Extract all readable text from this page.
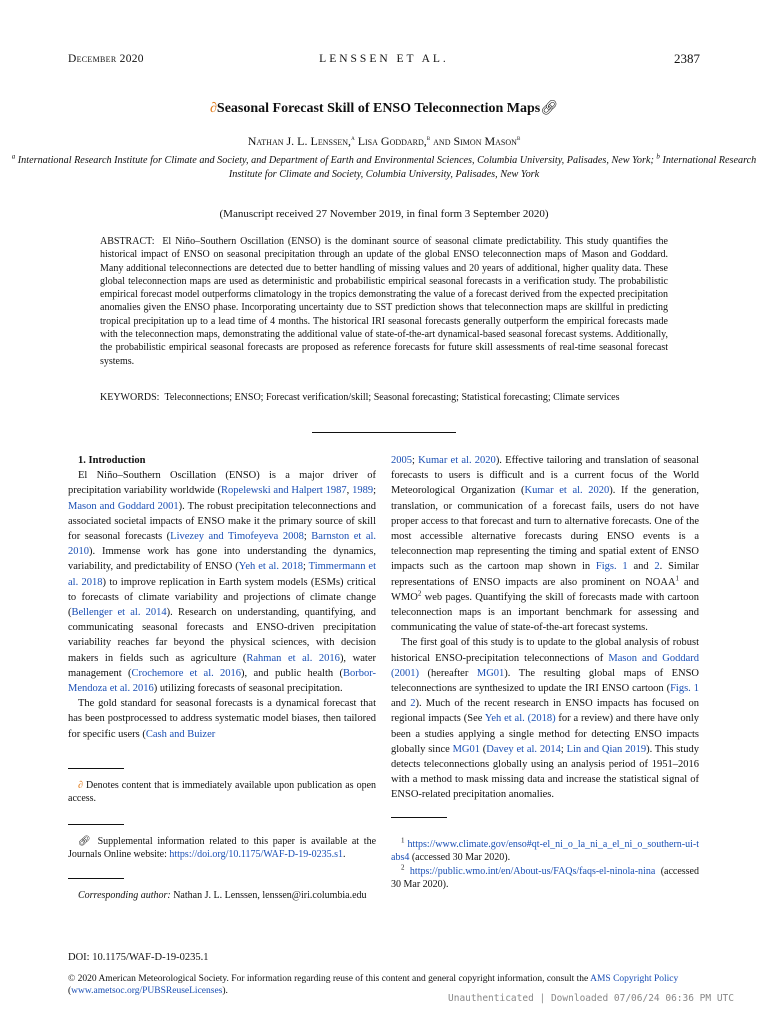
December 2020	LENSSEN ET AL.	2387
∂Seasonal Forecast Skill of ENSO Teleconnection Maps🔗︎
Nathan J. L. Lenssen,$^a$ Lisa Goddard,$^b$ and Simon Mason$^b$
$^a$ International Research Institute for Climate and Society, and Department of Earth and Environmental Sciences, Columbia University, Palisades, New York; $^b$ International Research Institute for Climate and Society, Columbia University, Palisades, New York
(Manuscript received 27 November 2019, in final form 3 September 2020)
ABSTRACT: El Niño–Southern Oscillation (ENSO) is the dominant source of seasonal climate predictability. This study quantifies the historical impact of ENSO on seasonal precipitation through an update of the global ENSO teleconnection maps of Mason and Goddard. Many additional teleconnections are detected due to better handling of missing values and 20 years of additional, higher quality data. These global teleconnection maps are used as deterministic and probabilistic empirical seasonal forecasts in a verification study. The probabilistic empirical forecast model outperforms climatology in the tropics demonstrating the value of a forecast derived from the expected precipitation anomalies given the ENSO phase. Incorporating uncertainty due to SST prediction shows that teleconnection maps are skillful in predicting tropical precipitation up to a lead time of 4 months. The historical IRI seasonal forecasts generally outperform the empirical forecasts made with the teleconnection maps, demonstrating the additional value of state-of-the-art dynamical-based seasonal forecast systems. Additionally, the probabilistic empirical seasonal forecasts are proposed as reference forecasts for future skill assessments of real-time seasonal forecast systems.
KEYWORDS: Teleconnections; ENSO; Forecast verification/skill; Seasonal forecasting; Statistical forecasting; Climate services

1. Introduction

El Niño–Southern Oscillation (ENSO) is a major driver of precipitation variability worldwide (Ropelewski and Halpert 1987, 1989; Mason and Goddard 2001). The robust precipitation teleconnections and associated societal impacts of ENSO make it the primary source of skill for seasonal forecasts (Livezey and Timofeyeva 2008; Barnston et al. 2010). Immense work has gone into understanding the dynamics, variability, and predictability of ENSO (Yeh et al. 2018; Timmermann et al. 2018) to improve replication in Earth system models (ESMs) critical to forecasts of climate variability and projections of climate change (Bellenger et al. 2014). Research on understanding, quantifying, and communicating seasonal forecasts and ENSO-driven precipitation variability reaches far beyond the physical sciences, with decision makers in fields such as agriculture (Rahman et al. 2016), water management (Crochemore et al. 2016), and public health (Borbor-Mendoza et al. 2016) utilizing forecasts of seasonal precipitation.

The gold standard for seasonal forecasts is a dynamical forecast that has been postprocessed to address systematic model biases, then tailored for specific users (Cash and Buizer

∂ Denotes content that is immediately available upon publication as open access.

🔗︎ Supplemental information related to this paper is available at the Journals Online website: https://doi.org/10.1175/WAF-D-19-0235.s1.

Corresponding author: Nathan J. L. Lenssen, lenssen@iri.columbia.edu

2005; Kumar et al. 2020). Effective tailoring and translation of seasonal forecasts to users is difficult and is a current focus of the World Meteorological Organization (Kumar et al. 2020). If the generation, translation, or communication of a forecast fails, users do not have proper access to that forecast and turn to alternative forecasts. One of the most accessible alternative forecasts during ENSO events is a teleconnection map representing the timing and spatial extent of ENSO impacts such as the cartoon map shown in Figs. 1 and 2. Similar representations of ENSO impacts are also prominent on NOAA$^1$ and WMO$^2$ web pages. Quantifying the skill of forecasts made with cartoon teleconnection maps is an important benchmark for assessing and communicating the value of state-of-the-art forecast systems.

The first goal of this study is to update to the global analysis of robust historical ENSO-precipitation teleconnections of Mason and Goddard (2001) (hereafter MG01). The resulting global maps of ENSO teleconnections are synthesized to update the IRI ENSO cartoon (Figs. 1 and 2). Much of the recent research in ENSO impacts has focused on regional impacts (See Yeh et al. (2018) for a review) and there have only been a studies applying a single method for detecting ENSO impacts globally since MG01 (Davey et al. 2014; Lin and Qian 2019). This study detects teleconnections globally using an analysis period of 1951–2016 with a method to mask missing data and increase the statistical signal of ENSO-related precipitation anomalies.

$^1$ https://www.climate.gov/enso#qt-el_ni_o_la_ni_a_el_ni_o_southern-ui-tabs4 (accessed 30 Mar 2020).

$^2$ https://public.wmo.int/en/About-us/FAQs/faqs-el-ninola-nina (accessed 30 Mar 2020).

DOI: 10.1175/WAF-D-19-0235.1
© 2020 American Meteorological Society. For information regarding reuse of this content and general copyright information, consult the AMS Copyright Policy (www.ametsoc.org/PUBSReuseLicenses).
Unauthenticated | Downloaded 07/06/24 06:36 PM UTC
